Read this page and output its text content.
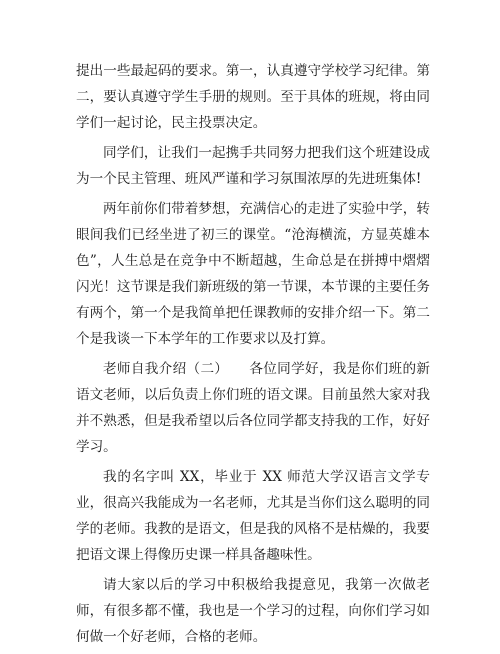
提出一些最起码的要求。第一，认真遵守学校学习纪律。第二，要认真遵守学生手册的规则。至于具体的班规，将由同学们一起讨论，民主投票决定。

同学们，让我们一起携手共同努力把我们这个班建设成为一个民主管理、班风严谨和学习氛围浓厚的先进班集体!

两年前你们带着梦想，充满信心的走进了实验中学，转眼间我们已经坐进了初三的课堂。“沧海横流，方显英雄本色”，人生总是在竞争中不断超越，生命总是在拼搏中熠熠闪光！这节课是我们新班级的第一节课，本节课的主要任务有两个，第一个是我简单把任课教师的安排介绍一下。第二个是我谈一下本学年的工作要求以及打算。

老师自我介绍（二）　　各位同学好，我是你们班的新语文老师，以后负责上你们班的语文课。目前虽然大家对我并不熟悉，但是我希望以后各位同学都支持我的工作，好好学习。

我的名字叫 XX，毕业于 XX 师范大学汉语言文学专业，很高兴我能成为一名老师，尤其是当你们这么聪明的同学的老师。我教的是语文，但是我的风格不是枯燥的，我要把语文课上得像历史课一样具备趣味性。

请大家以后的学习中积极给我提意见，我第一次做老师，有很多都不懂，我也是一个学习的过程，向你们学习如何做一个好老师，合格的老师。
